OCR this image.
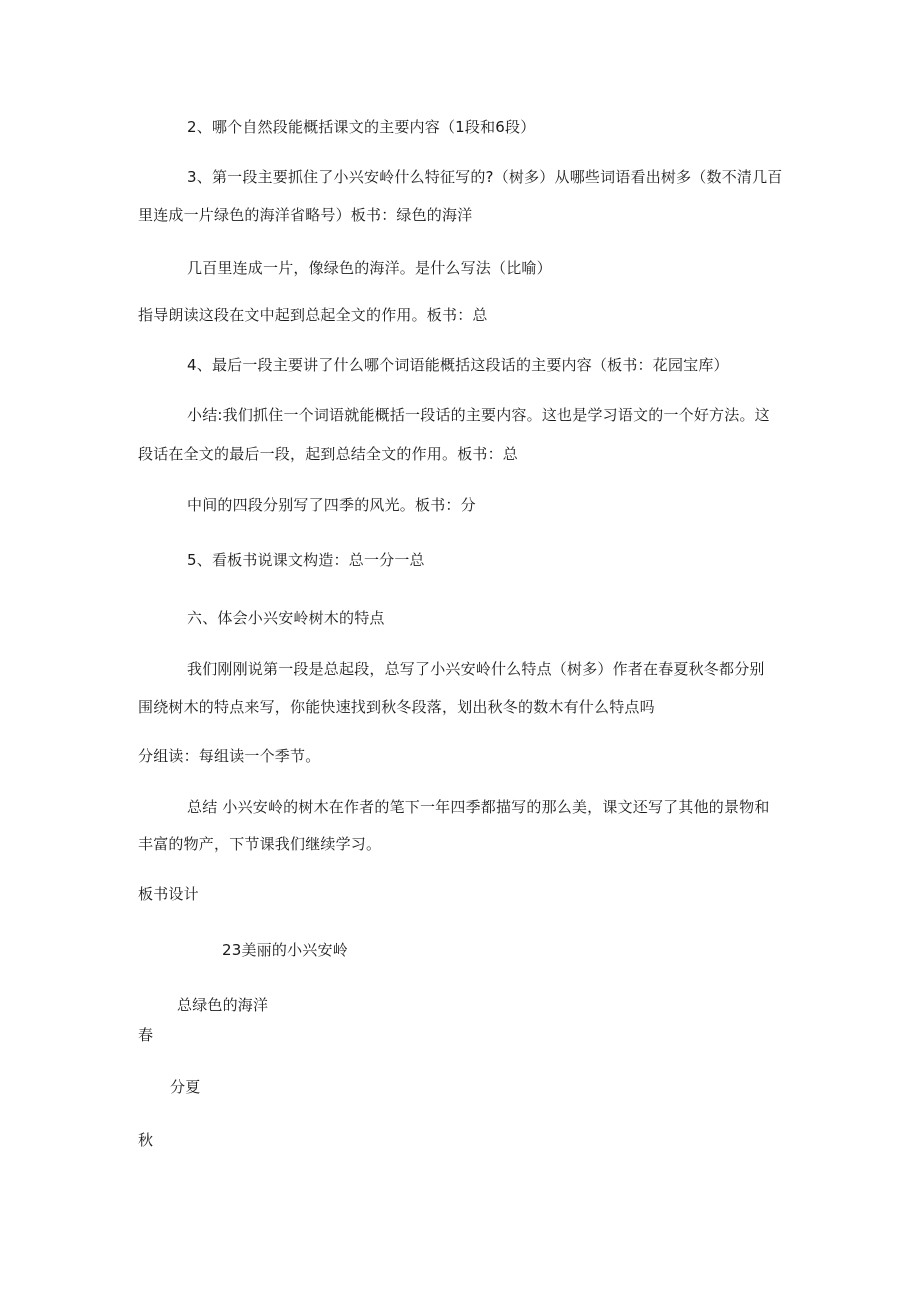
2、哪个自然段能概括课文的主要内容（1段和6段）
3、第一段主要抓住了小兴安岭什么特征写的?（树多）从哪些词语看出树多（数不清几百
里连成一片绿色的海洋省略号）板书：绿色的海洋
几百里连成一片，像绿色的海洋。是什么写法（比喻）
指导朗读这段在文中起到总起全文的作用。板书：总
4、最后一段主要讲了什么哪个词语能概括这段话的主要内容（板书：花园宝库）
小结:我们抓住一个词语就能概括一段话的主要内容。这也是学习语文的一个好方法。这
段话在全文的最后一段，起到总结全文的作用。板书：总
中间的四段分别写了四季的风光。板书：分
5、看板书说课文构造：总一分一总
六、体会小兴安岭树木的特点
我们刚刚说第一段是总起段，总写了小兴安岭什么特点（树多）作者在春夏秋冬都分别
围绕树木的特点来写，你能快速找到秋冬段落，划出秋冬的数木有什么特点吗
分组读：每组读一个季节。
总结 小兴安岭的树木在作者的笔下一年四季都描写的那么美，课文还写了其他的景物和
丰富的物产，下节课我们继续学习。
板书设计
23美丽的小兴安岭
总绿色的海洋
春
分夏
秋
